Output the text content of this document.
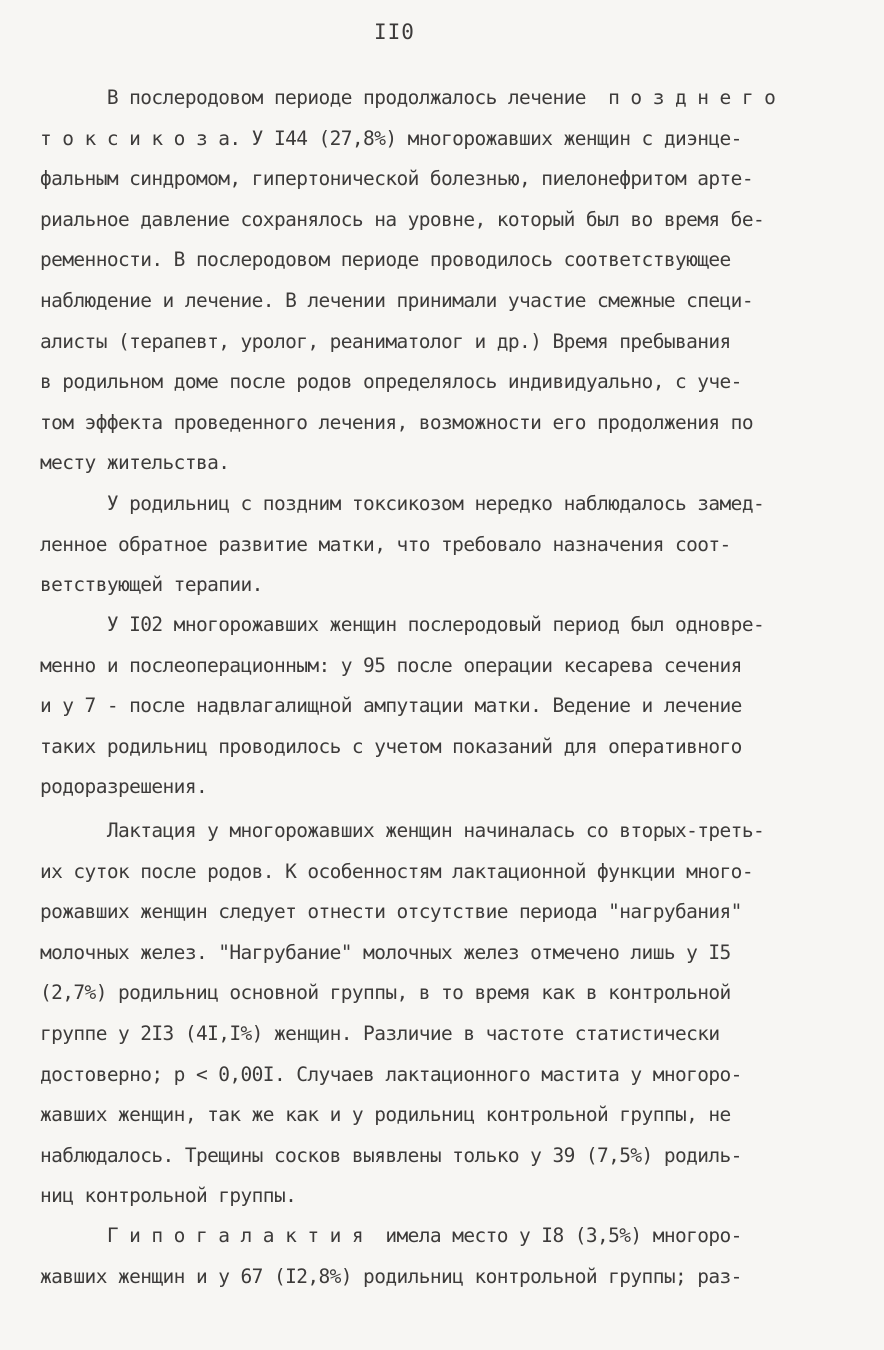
II0
В послеродовом периоде продолжалось лечение  п о з д н е г о
т о к с и к о з а. У I44 (27,8%) многорожавших женщин с диэнце-
фальным синдромом, гипертонической болезнью, пиелонефритом арте-
риальное давление сохранялось на уровне, который был во время бе-
ременности. В послеродовом периоде проводилось соответствующее
наблюдение и лечение. В лечении принимали участие смежные специ-
алисты (терапевт, уролог, реаниматолог и др.) Время пребывания
в родильном доме после родов определялось индивидуально, с уче-
том эффекта проведенного лечения, возможности его продолжения по
месту жительства.
У родильниц с поздним токсикозом нередко наблюдалось замед-
ленное обратное развитие матки, что требовало назначения соот-
ветствующей терапии.
У I02 многорожавших женщин послеродовый период был одновре-
менно и послеоперационным: у 95 после операции кесарева сечения
и у 7 - после надвлагалищной ампутации матки. Ведение и лечение
таких родильниц проводилось с учетом показаний для оперативного
родоразрешения.
Лактация у многорожавших женщин начиналась со вторых-треть-
их суток после родов. К особенностям лактационной функции много-
рожавших женщин следует отнести отсутствие периода "нагрубания"
молочных желез. "Нагрубание" молочных желез отмечено лишь у I5
(2,7%) родильниц основной группы, в то время как в контрольной
группе у 2I3 (4I,I%) женщин. Различие в частоте статистически
достоверно; р < 0,00I. Случаев лактационного мастита у многоро-
жавших женщин, так же как и у родильниц контрольной группы, не
наблюдалось. Трещины сосков выявлены только у 39 (7,5%) родиль-
ниц контрольной группы.
Г и п о г а л а к т и я  имела место у I8 (3,5%) многоро-
жавших женщин и у 67 (I2,8%) родильниц контрольной группы; раз-
